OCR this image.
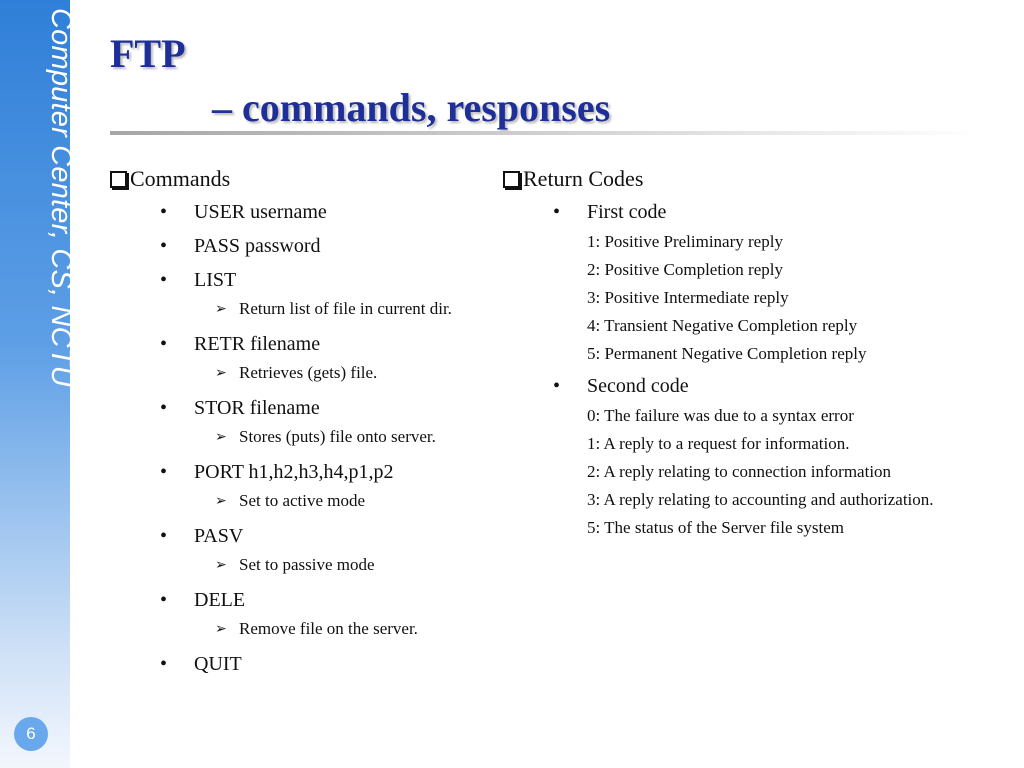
Computer Center, CS, NCTU
6
FTP
– commands, responses
Commands
•	USER username
•	PASS password
•	LIST
➢ Return list of file in current dir.
•	RETR filename
➢ Retrieves (gets) file.
•	STOR filename
➢ Stores (puts) file onto server.
•	PORT h1,h2,h3,h4,p1,p2
➢ Set to active mode
•	PASV
➢ Set to passive mode
•	DELE
➢ Remove file on the server.
•	QUIT
Return Codes
•	First code
1: Positive Preliminary reply
2: Positive Completion reply
3: Positive Intermediate reply
4: Transient Negative Completion reply
5: Permanent Negative Completion reply
•	Second code
0: The failure was due to a syntax error
1: A reply to a request for information.
2: A reply relating to connection information
3: A reply relating to accounting and authorization.
5: The status of the Server file system
